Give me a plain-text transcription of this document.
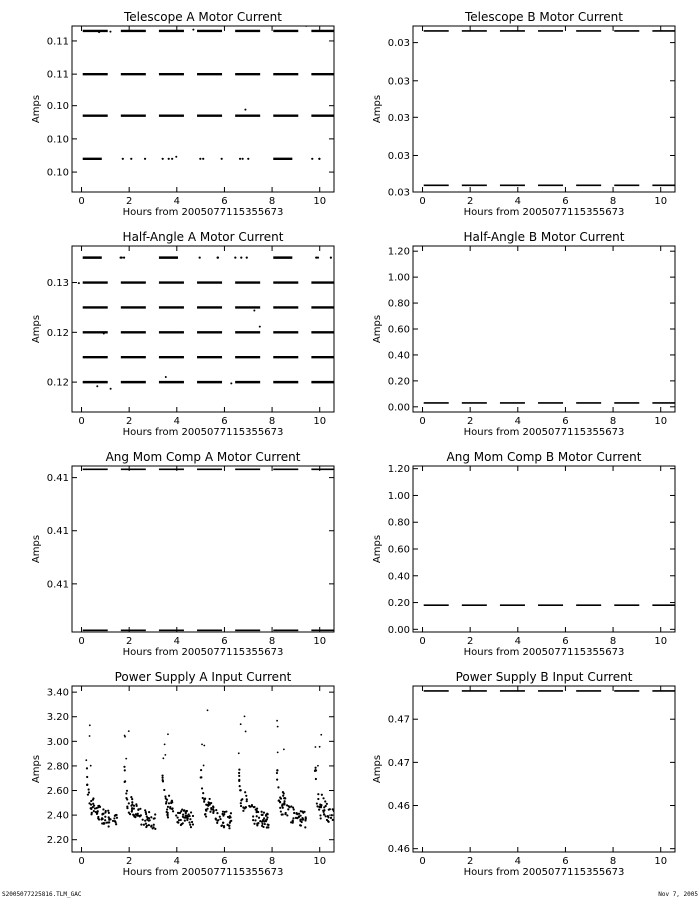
Telescope A Motor Current
0	2	4	6	8	10
Hours from 2005077115355673
0.10
0.10
0.10
0.11
0.11
Amps
Telescope B Motor Current
0	2	4	6	8	10
Hours from 2005077115355673
0.03
0.03
0.03
0.03
0.03
Amps
Half-Angle A Motor Current
0	2	4	6	8	10
Hours from 2005077115355673
0.12
0.12
0.13
Amps
Half-Angle B Motor Current
0	2	4	6	8	10
Hours from 2005077115355673
0.00
0.20
0.40
0.60
0.80
1.00
1.20
Amps
Ang Mom Comp A Motor Current
0	2	4	6	8	10
Hours from 2005077115355673
0.41
0.41
0.41
Amps
Ang Mom Comp B Motor Current
0	2	4	6	8	10
Hours from 2005077115355673
0.00
0.20
0.40
0.60
0.80
1.00
1.20
Amps
Power Supply A Input Current
0	2	4	6	8	10
Hours from 2005077115355673
2.20
2.40
2.60
2.80
3.00
3.20
3.40
Amps
Power Supply B Input Current
0	2	4	6	8	10
Hours from 2005077115355673
0.46
0.46
0.47
0.47
Amps
S2005077225816.TLM_GAC	Nov 7, 2005
